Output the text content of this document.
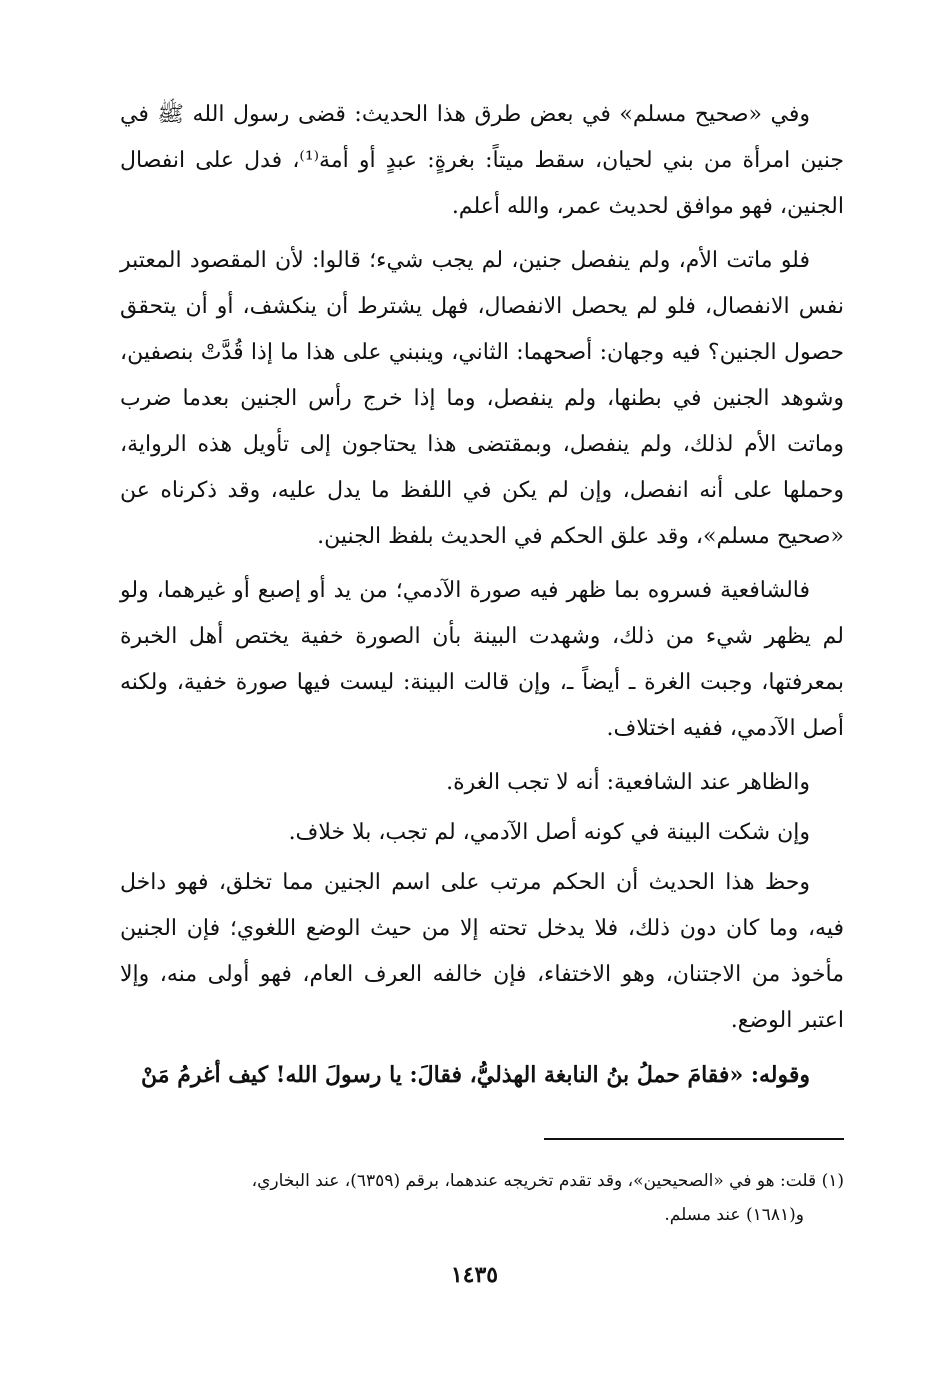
وفي «صحيح مسلم» في بعض طرق هذا الحديث: قضى رسول الله ﷺ في جنين امرأة من بني لحيان، سقط ميتاً: بغرةٍ: عبدٍ أو أمة⁽¹⁾، فدل على انفصال الجنين، فهو موافق لحديث عمر، والله أعلم.

فلو ماتت الأم، ولم ينفصل جنين، لم يجب شيء؛ قالوا: لأن المقصود المعتبر نفس الانفصال، فلو لم يحصل الانفصال، فهل يشترط أن ينكشف، أو أن يتحقق حصول الجنين؟ فيه وجهان: أصحهما: الثاني، وينبني على هذا ما إذا قُدَّتْ بنصفين، وشوهد الجنين في بطنها، ولم ينفصل، وما إذا خرج رأس الجنين بعدما ضرب وماتت الأم لذلك، ولم ينفصل، وبمقتضى هذا يحتاجون إلى تأويل هذه الرواية، وحملها على أنه انفصل، وإن لم يكن في اللفظ ما يدل عليه، وقد ذكرناه عن «صحيح مسلم»، وقد علق الحكم في الحديث بلفظ الجنين.

فالشافعية فسروه بما ظهر فيه صورة الآدمي؛ من يد أو إصبع أو غيرهما، ولو لم يظهر شيء من ذلك، وشهدت البينة بأن الصورة خفية يختص أهل الخبرة بمعرفتها، وجبت الغرة ـ أيضاً ـ، وإن قالت البينة: ليست فيها صورة خفية، ولكنه أصل الآدمي، ففيه اختلاف.

والظاهر عند الشافعية: أنه لا تجب الغرة.

وإن شكت البينة في كونه أصل الآدمي، لم تجب، بلا خلاف.

وحظ هذا الحديث أن الحكم مرتب على اسم الجنين مما تخلق، فهو داخل فيه، وما كان دون ذلك، فلا يدخل تحته إلا من حيث الوضع اللغوي؛ فإن الجنين مأخوذ من الاجتنان، وهو الاختفاء، فإن خالفه العرف العام، فهو أولى منه، وإلا اعتبر الوضع.

وقوله: «فقامَ حملُ بنُ النابغة الهذليُّ، فقالَ: يا رسولَ الله! كيف أغرمُ مَنْ

(١) قلت: هو في «الصحيحين»، وقد تقدم تخريجه عندهما، برقم (٦٣٥٩)، عند البخاري،
و(١٦٨١) عند مسلم.
١٤٣٥
